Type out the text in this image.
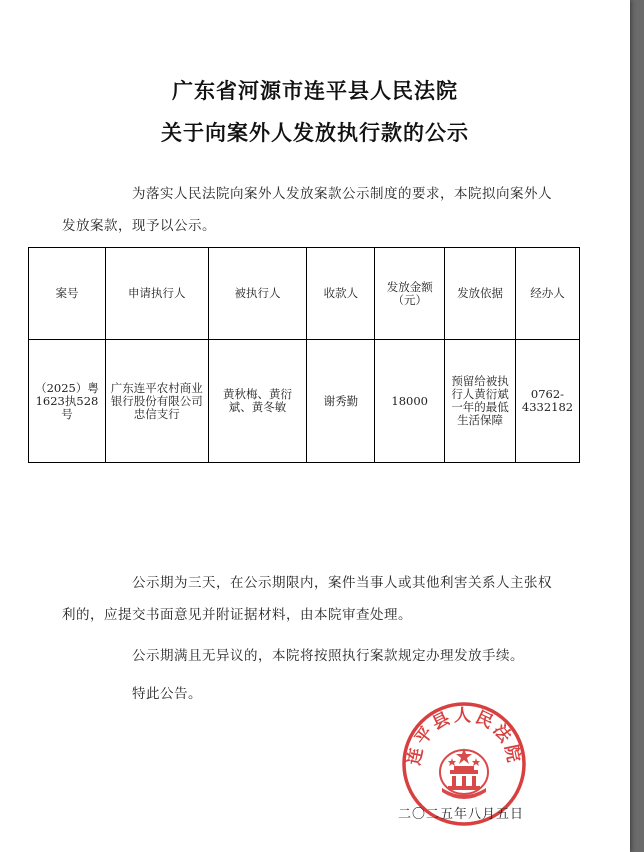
广东省河源市连平县人民法院
关于向案外人发放执行款的公示
为落实人民法院向案外人发放案款公示制度的要求，本院拟向案外人发放案款，现予以公示。
案号	申请执行人	被执行人	收款人	发放金额（元）	发放依据	经办人
（2025）粤1623执528号	广东连平农村商业银行股份有限公司忠信支行	黄秋梅、黄衍斌、黄冬敏	谢秀勤	18000	预留给被执行人黄衍斌一年的最低生活保障	0762-4332182
公示期为三天，在公示期限内，案件当事人或其他利害关系人主张权利的，应提交书面意见并附证据材料，由本院审查处理。
公示期满且无异议的，本院将按照执行案款规定办理发放手续。
特此公告。
连平县人民法院
二〇二五年八月五日
